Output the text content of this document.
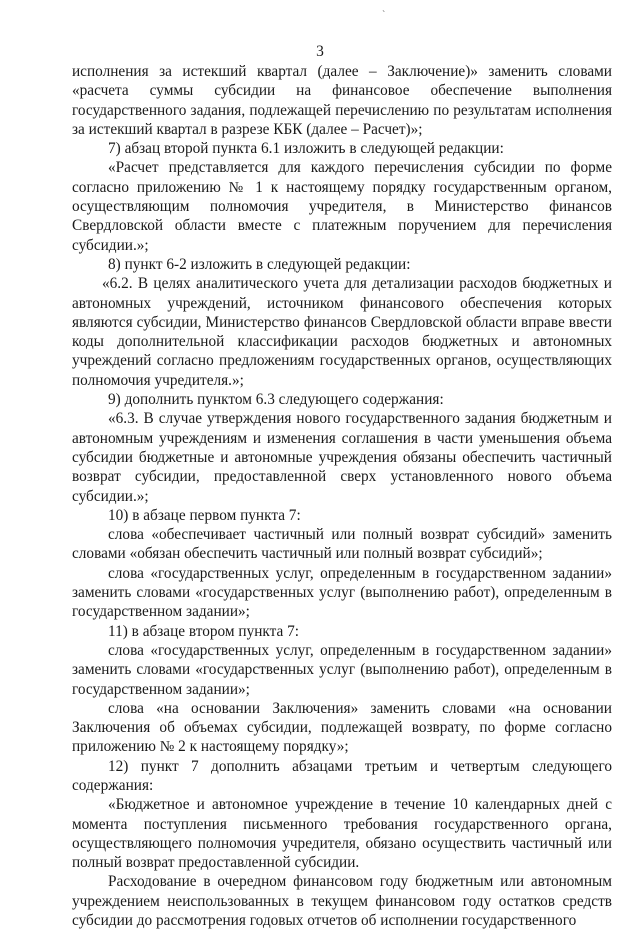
ˋ
3

исполнения за истекший квартал (далее – Заключение)» заменить словами «расчета суммы субсидии на финансовое обеспечение выполнения государственного задания, подлежащей перечислению по результатам исполнения за истекший квартал в разрезе КБК (далее – Расчет)»;

7) абзац второй пункта 6.1 изложить в следующей редакции:

«Расчет представляется для каждого перечисления субсидии по форме согласно приложению № 1 к настоящему порядку государственным органом, осуществляющим полномочия учредителя, в Министерство финансов Свердловской области вместе с платежным поручением для перечисления субсидии.»;

8) пункт 6-2 изложить в следующей редакции:

«6.2. В целях аналитического учета для детализации расходов бюджетных и автономных учреждений, источником финансового обеспечения которых являются субсидии, Министерство финансов Свердловской области вправе ввести коды дополнительной классификации расходов бюджетных и автономных учреждений согласно предложениям государственных органов, осуществляющих полномочия учредителя.»;

9) дополнить пунктом 6.3 следующего содержания:

«6.3. В случае утверждения нового государственного задания бюджетным и автономным учреждениям и изменения соглашения в части уменьшения объема субсидии бюджетные и автономные учреждения обязаны обеспечить частичный возврат субсидии, предоставленной сверх установленного нового объема субсидии.»;

10) в абзаце первом пункта 7:

слова «обеспечивает частичный или полный возврат субсидий» заменить словами «обязан обеспечить частичный или полный возврат субсидий»;

слова «государственных услуг, определенным в государственном задании» заменить словами «государственных услуг (выполнению работ), определенным в государственном задании»;

11) в абзаце втором пункта 7:

слова «государственных услуг, определенным в государственном задании» заменить словами «государственных услуг (выполнению работ), определенным в государственном задании»;

слова «на основании Заключения» заменить словами «на основании Заключения об объемах субсидии, подлежащей возврату, по форме согласно приложению № 2 к настоящему порядку»;

12) пункт 7 дополнить абзацами третьим и четвертым следующего содержания:

«Бюджетное и автономное учреждение в течение 10 календарных дней с момента поступления письменного требования государственного органа, осуществляющего полномочия учредителя, обязано осуществить частичный или полный возврат предоставленной субсидии.

Расходование в очередном финансовом году бюджетным или автономным учреждением неиспользованных в текущем финансовом году остатков средств субсидии до рассмотрения годовых отчетов об исполнении государственного
